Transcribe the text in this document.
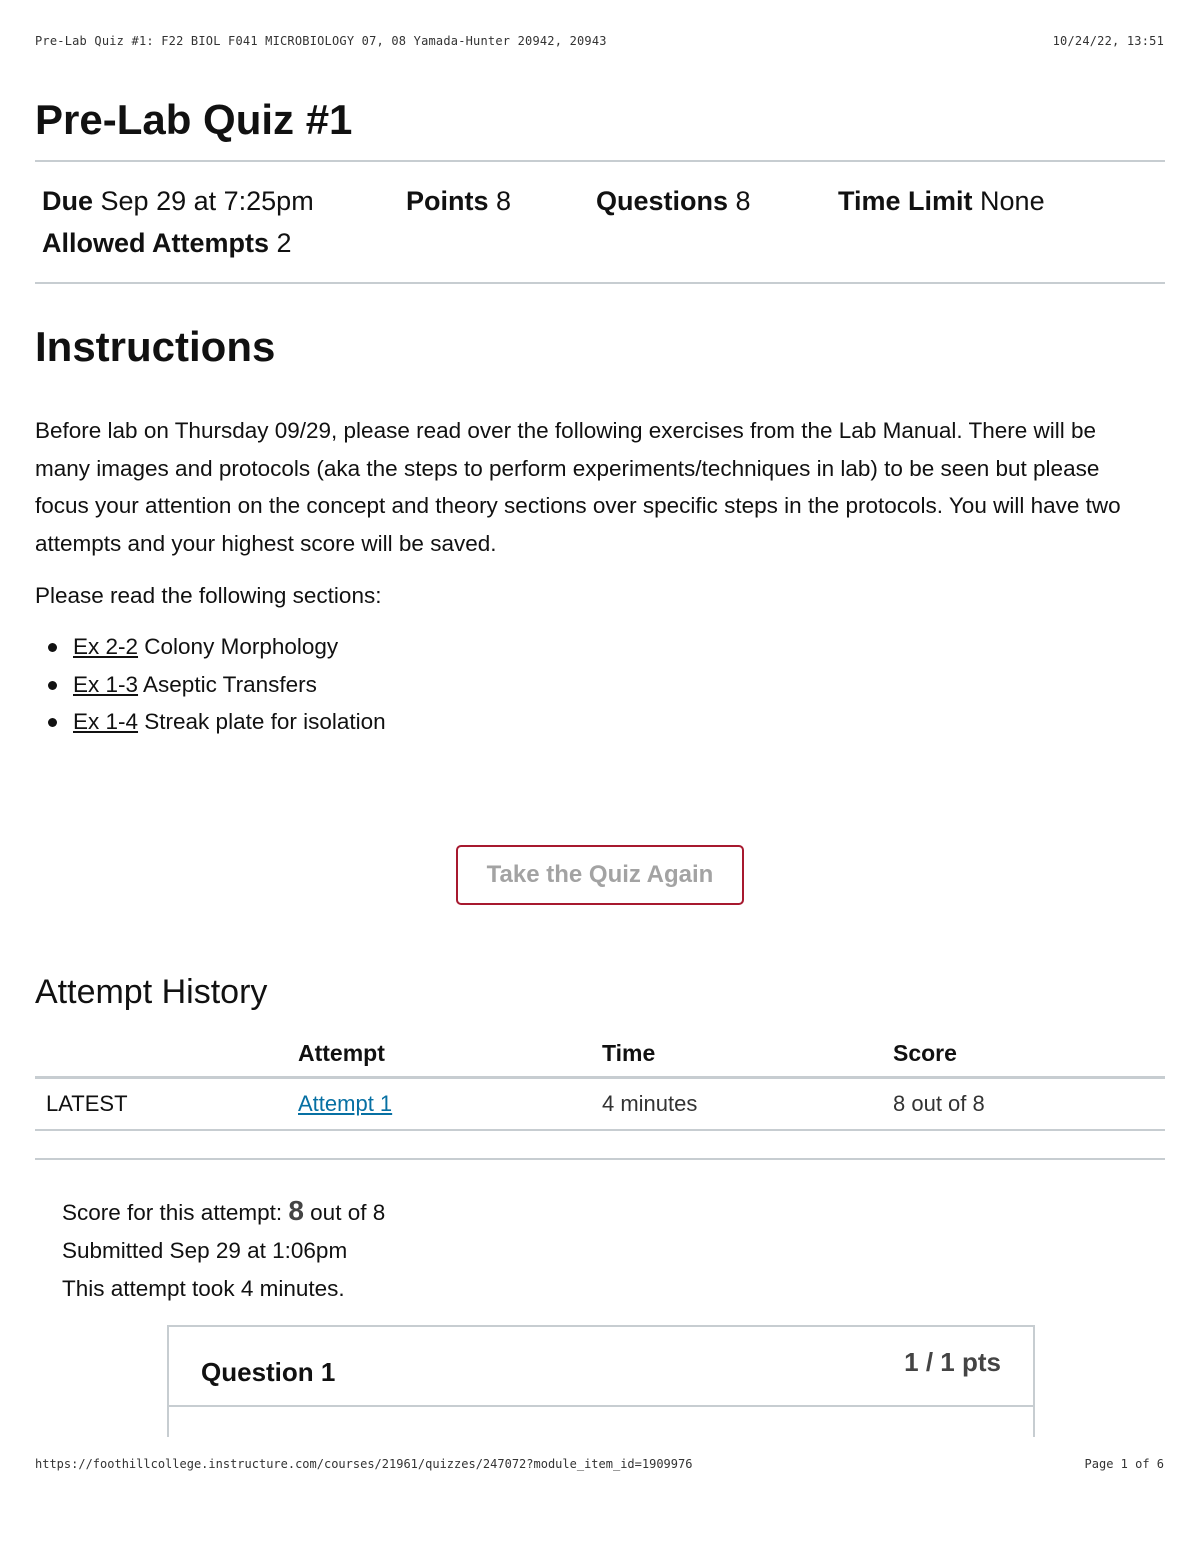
Pre-Lab Quiz #1: F22 BIOL F041 MICROBIOLOGY 07, 08 Yamada-Hunter 20942, 20943	10/24/22, 13:51
Pre-Lab Quiz #1
Due Sep 29 at 7:25pm	Points 8	Questions 8	Time Limit None
Allowed Attempts 2
Instructions

Before lab on Thursday 09/29, please read over the following exercises from the Lab Manual. There will be many images and protocols (aka the steps to perform experiments/techniques in lab) to be seen but please focus your attention on the concept and theory sections over specific steps in the protocols. You will have two attempts and your highest score will be saved.

Please read the following sections:

Ex 2-2 Colony Morphology
Ex 1-3 Aseptic Transfers
Ex 1-4 Streak plate for isolation
Take the Quiz Again
Attempt History
	Attempt	Time	Score
LATEST	Attempt 1	4 minutes	8 out of 8
Score for this attempt: 8 out of 8
Submitted Sep 29 at 1:06pm
This attempt took 4 minutes.
Question 1	1 / 1 pts
https://foothillcollege.instructure.com/courses/21961/quizzes/247072?module_item_id=1909976	Page 1 of 6
